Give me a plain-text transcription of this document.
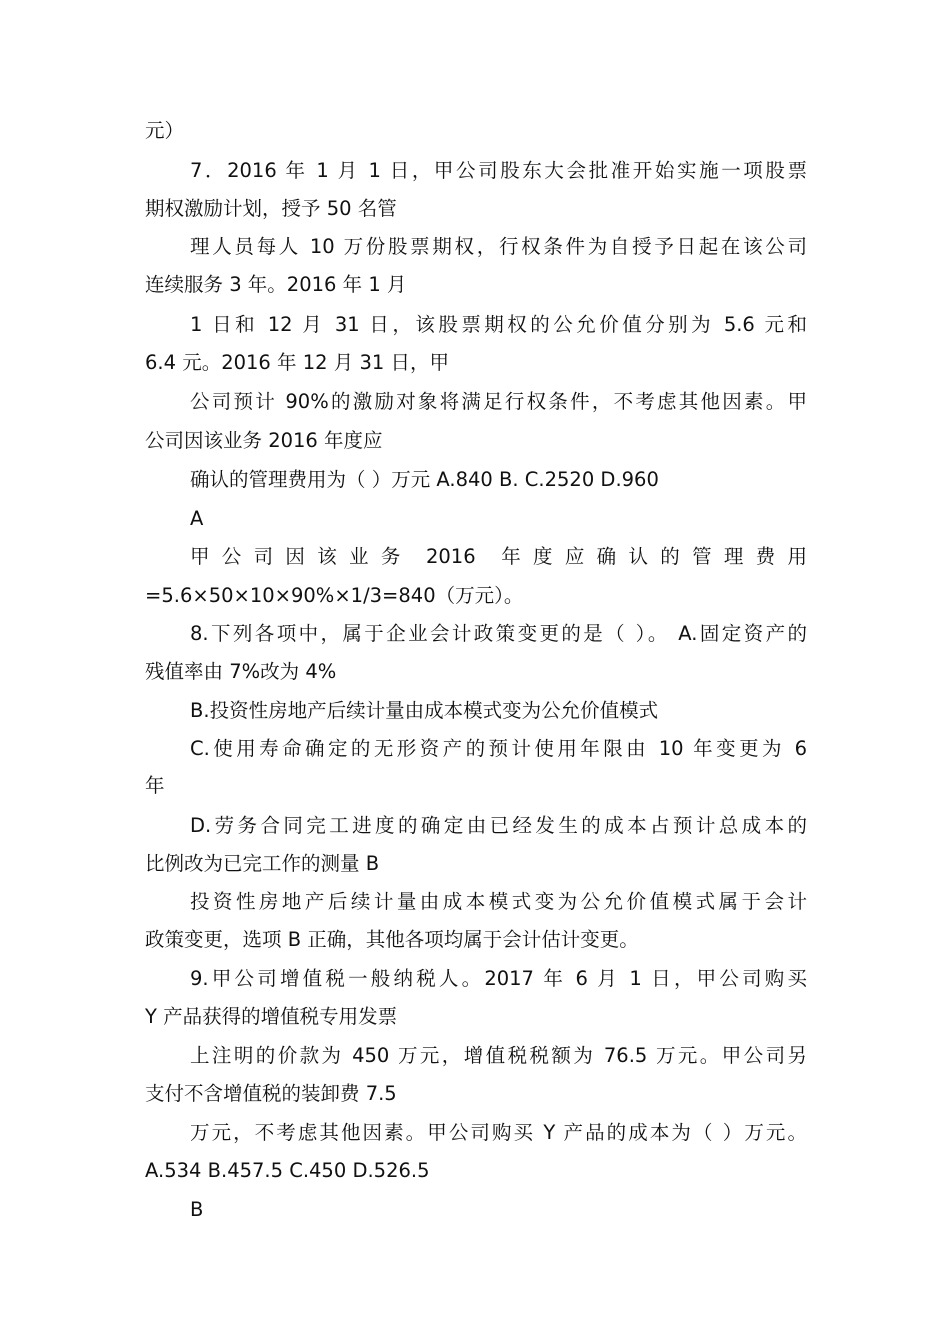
元）
7．2016 年 1 月 1 日，甲公司股东大会批准开始实施一项股票
期权激励计划，授予 50 名管
理人员每人 10 万份股票期权，行权条件为自授予日起在该公司
连续服务 3 年。2016 年 1 月
1 日和 12 月 31 日，该股票期权的公允价值分别为 5.6 元和
6.4 元。2016 年 12 月 31 日，甲
公司预计 90%的激励对象将满足行权条件，不考虑其他因素。甲
公司因该业务 2016 年度应
确认的管理费用为（ ）万元 A.840 B. C.2520 D.960
A
甲 公 司 因 该 业 务　2016　年 度 应 确 认 的 管 理 费 用
=5.6×50×10×90%×1/3=840（万元）。
8.下列各项中，属于企业会计政策变更的是（ ）。 A.固定资产的
残值率由 7%改为 4%
B.投资性房地产后续计量由成本模式变为公允价值模式
C.使用寿命确定的无形资产的预计使用年限由 10 年变更为 6
年
D.劳务合同完工进度的确定由已经发生的成本占预计总成本的
比例改为已完工作的测量 B
投资性房地产后续计量由成本模式变为公允价值模式属于会计
政策变更，选项 B 正确，其他各项均属于会计估计变更。
9.甲公司增值税一般纳税人。2017 年 6 月 1 日，甲公司购买
Y 产品获得的增值税专用发票
上注明的价款为 450 万元，增值税税额为 76.5 万元。甲公司另
支付不含增值税的装卸费 7.5
万元，不考虑其他因素。甲公司购买 Y 产品的成本为（ ）万元。
A.534 B.457.5 C.450 D.526.5
B
